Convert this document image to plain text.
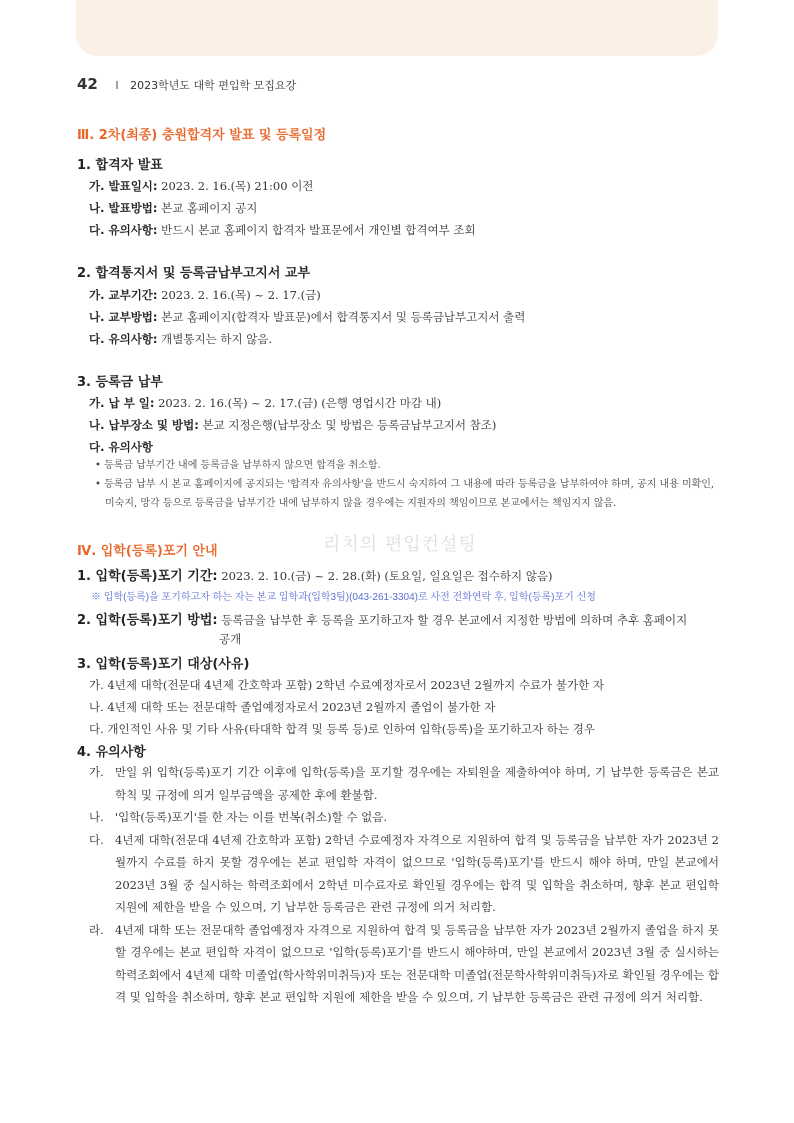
42 I 2023학년도 대학 편입학 모집요강
Ⅲ. 2차(최종) 충원합격자 발표 및 등록일정
1. 합격자 발표
가. 발표일시: 2023. 2. 16.(목) 21:00 이전
나. 발표방법: 본교 홈페이지 공지
다. 유의사항: 반드시 본교 홈페이지 합격자 발표문에서 개인별 합격여부 조회
2. 합격통지서 및 등록금납부고지서 교부
가. 교부기간: 2023. 2. 16.(목) ~ 2. 17.(금)
나. 교부방법: 본교 홈페이지(합격자 발표문)에서 합격통지서 및 등록금납부고지서 출력
다. 유의사항: 개별통지는 하지 않음.
3. 등록금 납부
가. 납 부 일: 2023. 2. 16.(목) ~ 2. 17.(금) (은행 영업시간 마감 내)
나. 납부장소 및 방법: 본교 지정은행(납부장소 및 방법은 등록금납부고지서 참조)
다. 유의사항
• 등록금 납부기간 내에 등록금을 납부하지 않으면 합격을 취소함.
• 등록금 납부 시 본교 홈페이지에 공지되는 '합격자 유의사항'을 반드시 숙지하여 그 내용에 따라 등록금을 납부하여야 하며, 공지 내용 미확인, 미숙지, 망각 등으로 등록금을 납부기간 내에 납부하지 않을 경우에는 지원자의 책임이므로 본교에서는 책임지지 않음.
Ⅳ. 입학(등록)포기 안내	리치의 편입컨설팅
1. 입학(등록)포기 기간: 2023. 2. 10.(금) ~ 2. 28.(화) (토요일, 일요일은 접수하지 않음)
※ 입학(등록)을 포기하고자 하는 자는 본교 입학과(입학3팀)(043-261-3304)로 사전 전화연락 후, 입학(등록)포기 신청
2. 입학(등록)포기 방법: 등록금을 납부한 후 등록을 포기하고자 할 경우 본교에서 지정한 방법에 의하며 추후 홈페이지
공개
3. 입학(등록)포기 대상(사유)
가. 4년제 대학(전문대 4년제 간호학과 포함) 2학년 수료예정자로서 2023년 2월까지 수료가 불가한 자
나. 4년제 대학 또는 전문대학 졸업예정자로서 2023년 2월까지 졸업이 불가한 자
다. 개인적인 사유 및 기타 사유(타대학 합격 및 등록 등)로 인하여 입학(등록)을 포기하고자 하는 경우
4. 유의사항
가. 만일 위 입학(등록)포기 기간 이후에 입학(등록)을 포기할 경우에는 자퇴원을 제출하여야 하며, 기 납부한 등록금은 본교 학칙 및 규정에 의거 일부금액을 공제한 후에 환불함.
나. '입학(등록)포기'를 한 자는 이를 번복(취소)할 수 없음.
다. 4년제 대학(전문대 4년제 간호학과 포함) 2학년 수료예정자 자격으로 지원하여 합격 및 등록금을 납부한 자가 2023년 2월까지 수료를 하지 못할 경우에는 본교 편입학 자격이 없으므로 '입학(등록)포기'를 반드시 해야 하며, 만일 본교에서 2023년 3월 중 실시하는 학력조회에서 2학년 미수료자로 확인될 경우에는 합격 및 입학을 취소하며, 향후 본교 편입학 지원에 제한을 받을 수 있으며, 기 납부한 등록금은 관련 규정에 의거 처리함.
라. 4년제 대학 또는 전문대학 졸업예정자 자격으로 지원하여 합격 및 등록금을 납부한 자가 2023년 2월까지 졸업을 하지 못할 경우에는 본교 편입학 자격이 없으므로 '입학(등록)포기'를 반드시 해야하며, 만일 본교에서 2023년 3월 중 실시하는 학력조회에서 4년제 대학 미졸업(학사학위미취득)자 또는 전문대학 미졸업(전문학사학위미취득)자로 확인될 경우에는 합격 및 입학을 취소하며, 향후 본교 편입학 지원에 제한을 받을 수 있으며, 기 납부한 등록금은 관련 규정에 의거 처리함.
